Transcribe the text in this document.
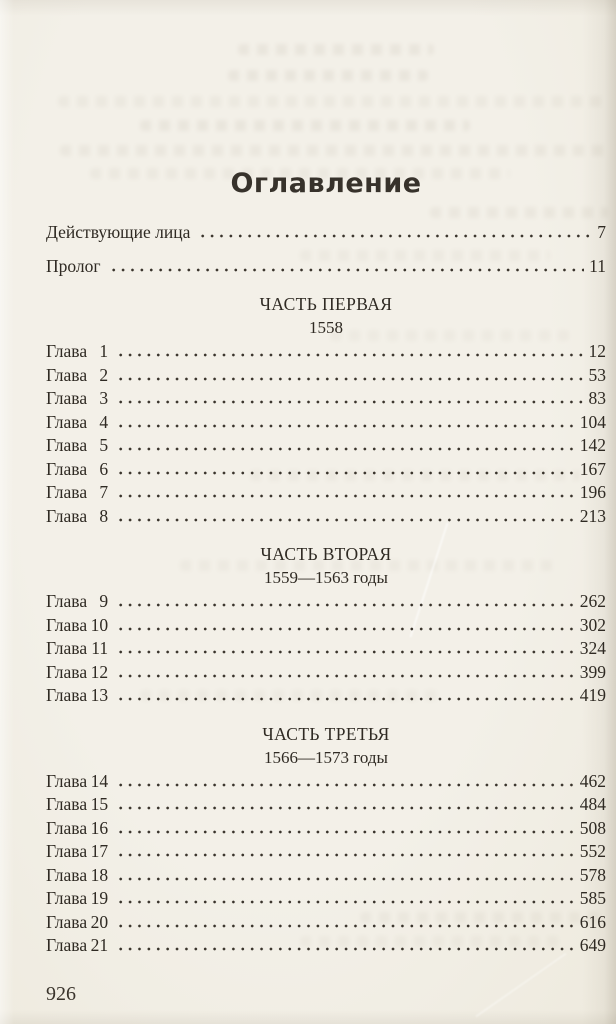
Оглавление
Действующие лица	7
Пролог	11
ЧАСТЬ ПЕРВАЯ
1558
Глава 1	12
Глава 2	53
Глава 3	83
Глава 4	104
Глава 5	142
Глава 6	167
Глава 7	196
Глава 8	213
ЧАСТЬ ВТОРАЯ
1559—1563 годы
Глава 9	262
Глава 10	302
Глава 11	324
Глава 12	399
Глава 13	419
ЧАСТЬ ТРЕТЬЯ
1566—1573 годы
Глава 14	462
Глава 15	484
Глава 16	508
Глава 17	552
Глава 18	578
Глава 19	585
Глава 20	616
Глава 21	649
926
